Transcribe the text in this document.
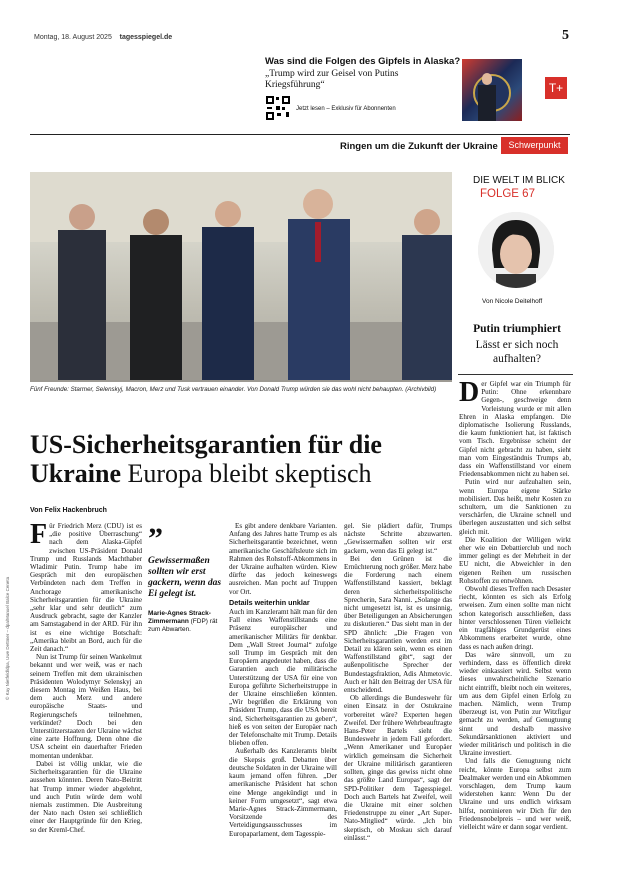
Montag, 18. August 2025 tagesspiegel.de	5
Was sind die Folgen des Gipfels in Alaska?
„Trump wird zur Geisel von Putins Kriegsführung“
Jetzt lesen – Exklusiv für Abonnenten
T+
Ringen um die Zukunft der Ukraine	Schwerpunkt
Fünf Freunde: Starmer, Selenskyj, Macron, Merz und Tusk vertrauen einander. Von Donald Trump würden sie das wohl nicht behaupten. (Archivbild)
US-Sicherheitsgarantien für die Ukraine Europa bleibt skeptisch
Von Felix Hackenbruch

Für Friedrich Merz (CDU) ist es „die positive Überraschung“ nach dem Alaska-Gipfel zwischen US-Präsident Donald Trump und Russlands Machthaber Wladimir Putin. Trump habe im Gespräch mit den europäischen Verbündeten nach dem Treffen in Anchorage amerikanische Sicherheitsgarantien für die Ukraine „sehr klar und sehr deutlich“ zum Ausdruck gebracht, sagte der Kanzler am Samstagabend in der ARD. Für ihn ist es eine wichtige Botschaft: „Amerika bleibt an Bord, auch für die Zeit danach.“

Nun ist Trump für seinen Wankelmut bekannt und wer weiß, was er nach seinem Treffen mit dem ukrainischen Präsidenten Wolodymyr Selenskyj an diesem Montag im Weißen Haus, bei dem auch Merz und andere europäische Staats- und Regierungschefs teilnehmen, verkündet? Doch bei den Unterstützerstaaten der Ukraine wächst eine zarte Hoffnung. Denn ohne die USA scheint ein dauerhafter Frieden momentan undenkbar.

Dabei ist völlig unklar, wie die Sicherheitsgarantien für die Ukraine aussehen könnten. Deren Nato-Beitritt hat Trump immer wieder abgelehnt, und auch Putin würde dem wohl niemals zustimmen. Die Ausbreitung der Nato nach Osten sei schließlich einer der Hauptgründe für den Krieg, so der Kreml-Chef.

”
Gewissermaßen sollten wir erst gackern, wenn das Ei gelegt ist.
Marie-Agnes Strack-Zimmermann (FDP) rät zum Abwarten.

Es gibt andere denkbare Varianten. Anfang des Jahres hatte Trump es als Sicherheitsgarantie bezeichnet, wenn amerikanische Geschäftsleute sich im Rahmen des Rohstoff-Abkommens in der Ukraine aufhalten würden. Kiew dürfte das jedoch keineswegs ausreichen. Man pocht auf Truppen vor Ort.

Details weiterhin unklar

Auch im Kanzleramt hält man für den Fall eines Waffenstillstands eine Präsenz europäischer und amerikanischer Militärs für denkbar. Dem „Wall Street Journal“ zufolge soll Trump im Gespräch mit den Europäern angedeutet haben, dass die Garantien auch die militärische Unterstützung der USA für eine von Europa geführte Sicherheitstruppe in der Ukraine einschließen könnten. „Wir begrüßen die Erklärung von Präsident Trump, dass die USA bereit sind, Sicherheitsgarantien zu geben“, hieß es von seiten der Europäer nach der Telefonschalte mit Trump. Details blieben offen.

Außerhalb des Kanzleramts bleibt die Skepsis groß. Debatten über deutsche Soldaten in der Ukraine will kaum jemand offen führen. „Der amerikanische Präsident hat schon eine Menge angekündigt und in keiner Form umgesetzt“, sagt etwa Marie-Agnes Strack-Zimmermann, Vorsitzende des Verteidigungsausschusses im Europaparlament, dem Tagesspie-

gel. Sie plädiert dafür, Trumps nächste Schritte abzuwarten. „Gewissermaßen sollten wir erst gackern, wenn das Ei gelegt ist.“

Bei den Grünen ist die Ernüchterung noch größer. Merz habe die Forderung nach einem Waffenstillstand kassiert, beklagt deren sicherheitspolitische Sprecherin, Sara Nanni. „Solange das nicht umgesetzt ist, ist es unsinnig, über Beteiligungen an Absicherungen zu diskutieren.“ Das sieht man in der SPD ähnlich: „Die Fragen von Sicherheitsgarantien werden erst im Detail zu klären sein, wenn es einen Waffenstillstand gibt“, sagt der außenpolitische Sprecher der Bundestagsfraktion, Adis Ahmetovic. Auch er hält den Beitrag der USA für entscheidend.

Ob allerdings die Bundeswehr für einen Einsatz in der Ostukraine vorbereitet wäre? Experten hegen Zweifel. Der frühere Wehrbeauftragte Hans-Peter Bartels sieht die Bundeswehr in jedem Fall gefordert. „Wenn Amerikaner und Europäer wirklich gemeinsam die Sicherheit der Ukraine militärisch garantieren sollten, ginge das gewiss nicht ohne das größte Land Europas“, sagt der SPD-Politiker dem Tagesspiegel. Doch auch Bartels hat Zweifel, weil die Ukraine mit einer solchen Friedenstruppe zu einer „Art Super-Nato-Mitglied“ würde. „Ich bin skeptisch, ob Moskau sich darauf einlässt.“

© Kay Nietfeld/dpa, Uwe Dettmer – dpa/Manuel Balce Ceneta
DIE WELT IM BLICK
FOLGE 67
Von Nicole Deitelhoff
Putin triumphiert
Lässt er sich noch aufhalten?

Der Gipfel war ein Triumph für Putin: Ohne erkennbare Gegen-, geschweige denn Vorleistung wurde er mit allen Ehren in Alaska empfangen. Die diplomatische Isolierung Russlands, die kaum funktioniert hat, ist faktisch vom Tisch. Ergebnisse scheint der Gipfel nicht gebracht zu haben, sieht man vom Eingeständnis Trumps ab, dass ein Waffenstillstand vor einem Friedensabkommen nicht zu haben sei.

Putin wird nur aufzuhalten sein, wenn Europa eigene Stärke mobilisiert. Das heißt, mehr Kosten zu schultern, um die Sanktionen zu verschärfen, die Ukraine schnell und überlegen auszustatten und sich selbst gleich mit.

Die Koalition der Willigen wirkt eher wie ein Debattierclub und noch immer gelingt es der Mehrheit in der EU nicht, die Abweichler in den eigenen Reihen um russischen Rohstoffen zu entwöhnen.

Obwohl dieses Treffen nach Desaster riecht, könnten es sich als Erfolg erweisen. Zum einen sollte man nicht schon kategorisch ausschließen, dass hinter verschlossenen Türen vielleicht ein tragfähiges Grundgerüst eines Abkommens erarbeitet wurde, ohne dass es nach außen dringt.

Das wäre sinnvoll, um zu verhindern, dass es öffentlich direkt wieder einkassiert wird. Selbst wenn dieses unwahrscheinliche Szenario nicht eintrifft, bleibt noch ein weiteres, um aus dem Gipfel einen Erfolg zu machen. Nämlich, wenn Trump überzeugt ist, von Putin zur Witzfigur gemacht zu werden, auf Genugtuung sinnt und deshalb massive Sekundärsanktionen aktiviert und wieder militärisch und politisch in die Ukraine investiert.

Und falls die Genugtuung nicht reicht, könnte Europa selbst zum Dealmaker werden und ein Abkommen vorschlagen, dem Trump kaum widerstehen kann: Wenn Du der Ukraine und uns endlich wirksam hilfst, nominieren wir Dich für den Friedensnobelpreis – und wer weiß, vielleicht wäre er dann sogar verdient.
